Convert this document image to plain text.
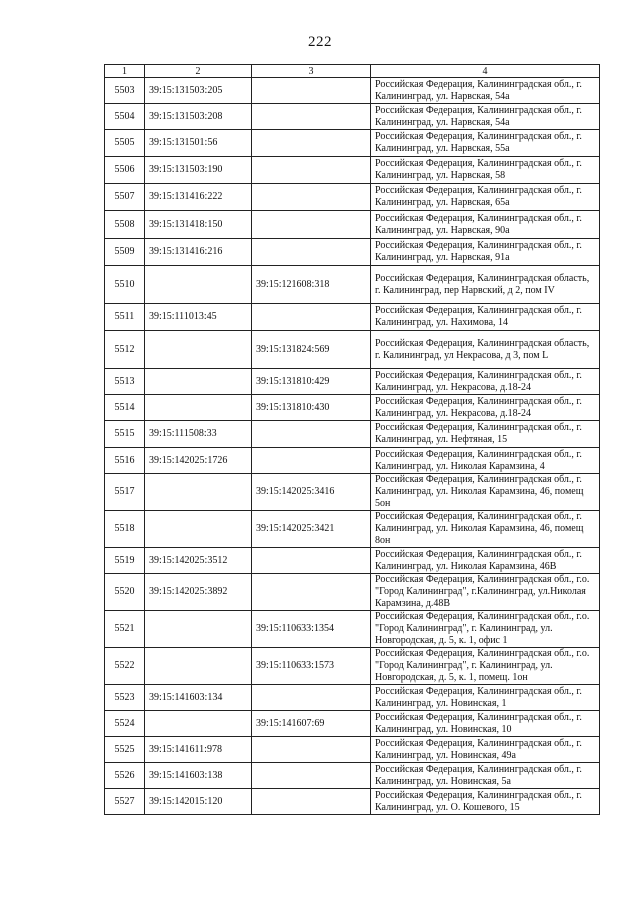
222
1	2	3	4
5503	39:15:131503:205		Российская Федерация, Калининградская обл., г. Калининград, ул. Нарвская, 54а
5504	39:15:131503:208		Российская Федерация, Калининградская обл., г. Калининград, ул. Нарвская, 54а
5505	39:15:131501:56		Российская Федерация, Калининградская обл., г. Калининград, ул. Нарвская, 55а
5506	39:15:131503:190		Российская Федерация, Калининградская обл., г. Калининград, ул. Нарвская, 58
5507	39:15:131416:222		Российская Федерация, Калининградская обл., г. Калининград, ул. Нарвская, 65а
5508	39:15:131418:150		Российская Федерация, Калининградская обл., г. Калининград, ул. Нарвская, 90а
5509	39:15:131416:216		Российская Федерация, Калининградская обл., г. Калининград, ул. Нарвская, 91а
5510		39:15:121608:318	Российская Федерация, Калининградская область, г. Калининград, пер Нарвский, д 2, пом IV
5511	39:15:111013:45		Российская Федерация, Калининградская обл., г. Калининград, ул. Нахимова, 14
5512		39:15:131824:569	Российская Федерация, Калининградская область, г. Калининград, ул Некрасова, д 3, пом L
5513		39:15:131810:429	Российская Федерация, Калининградская обл., г. Калининград, ул. Некрасова, д.18-24
5514		39:15:131810:430	Российская Федерация, Калининградская обл., г. Калининград, ул. Некрасова, д.18-24
5515	39:15:111508:33		Российская Федерация, Калининградская обл., г. Калининград, ул. Нефтяная, 15
5516	39:15:142025:1726		Российская Федерация, Калининградская обл., г. Калининград, ул. Николая Карамзина, 4
5517		39:15:142025:3416	Российская Федерация, Калининградская обл., г. Калининград, ул. Николая Карамзина, 46, помещ 5он
5518		39:15:142025:3421	Российская Федерация, Калининградская обл., г. Калининград, ул. Николая Карамзина, 46, помещ 8он
5519	39:15:142025:3512		Российская Федерация, Калининградская обл., г. Калининград, ул. Николая Карамзина, 46В
5520	39:15:142025:3892		Российская Федерация, Калининградская обл., г.о. "Город Калининград", г.Калининград, ул.Николая Карамзина, д.48В
5521		39:15:110633:1354	Российская Федерация, Калининградская обл., г.о. "Город Калининград", г. Калининград, ул. Новгородская, д. 5, к. 1, офис 1
5522		39:15:110633:1573	Российская Федерация, Калининградская обл., г.о. "Город Калининград", г. Калининград, ул. Новгородская, д. 5, к. 1, помещ. 1он
5523	39:15:141603:134		Российская Федерация, Калининградская обл., г. Калининград, ул. Новинская, 1
5524		39:15:141607:69	Российская Федерация, Калининградская обл., г. Калининград, ул. Новинская, 10
5525	39:15:141611:978		Российская Федерация, Калининградская обл., г. Калининград, ул. Новинская, 49а
5526	39:15:141603:138		Российская Федерация, Калининградская обл., г. Калининград, ул. Новинская, 5а
5527	39:15:142015:120		Российская Федерация, Калининградская обл., г. Калининград, ул. О. Кошевого, 15
